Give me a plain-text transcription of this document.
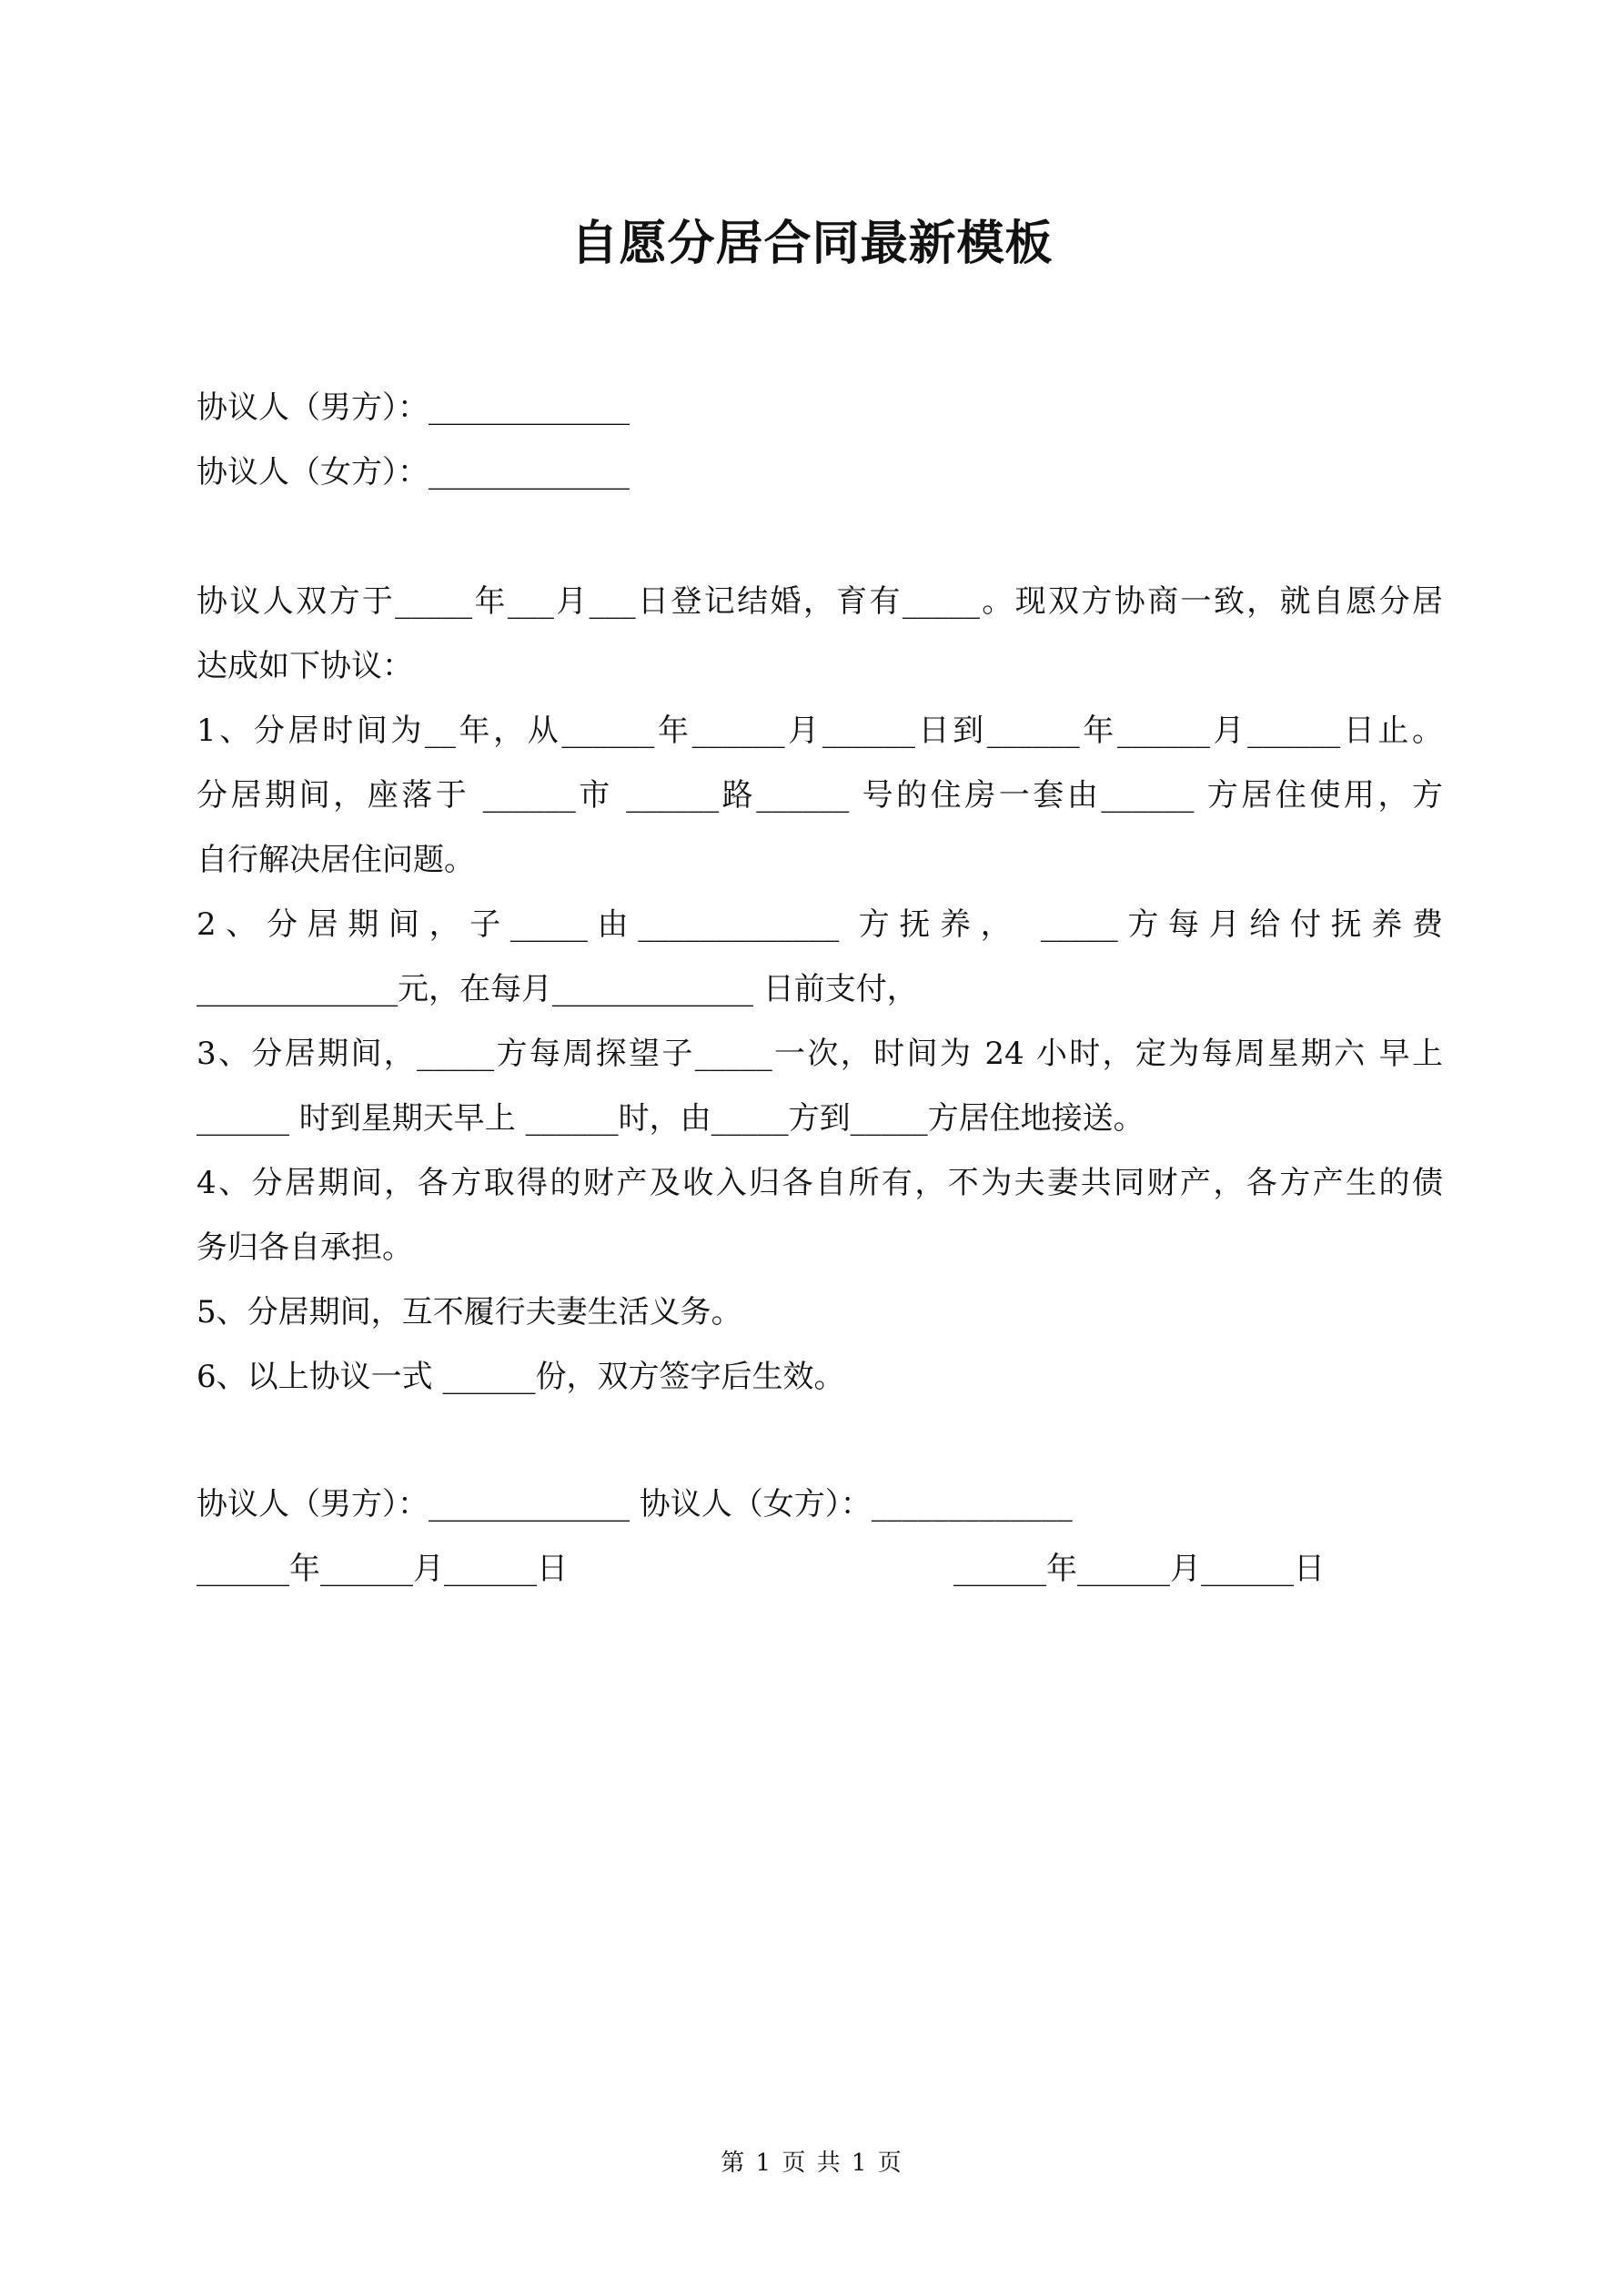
自愿分居合同最新模板
协议人（男方）：_____________
协议人（女方）：_____________
协议人双方于_____年___月___日登记结婚，育有_____。现双方协商一致，就自愿分居
达成如下协议：
1、分居时间为__年，从______年______月______日到______年______月______日止。
分居期间，座落于 ______市 ______路______ 号的住房一套由______ 方居住使用，方
自行解决居住问题。
2、分居期间，子_____由_____________ 方抚养， _____方每月给付抚养费
_____________元，在每月_____________ 日前支付，
3、分居期间，_____方每周探望子_____一次，时间为 24 小时，定为每周星期六 早上
______ 时到星期天早上 ______时，由_____方到_____方居住地接送。
4、分居期间，各方取得的财产及收入归各自所有，不为夫妻共同财产，各方产生的债
务归各自承担。
5、分居期间，互不履行夫妻生活义务。
6、以上协议一式 ______份，双方签字后生效。
协议人（男方）：_____________ 协议人（女方）：_____________
______年______月______日	______年______月______日
第 1 页 共 1 页
